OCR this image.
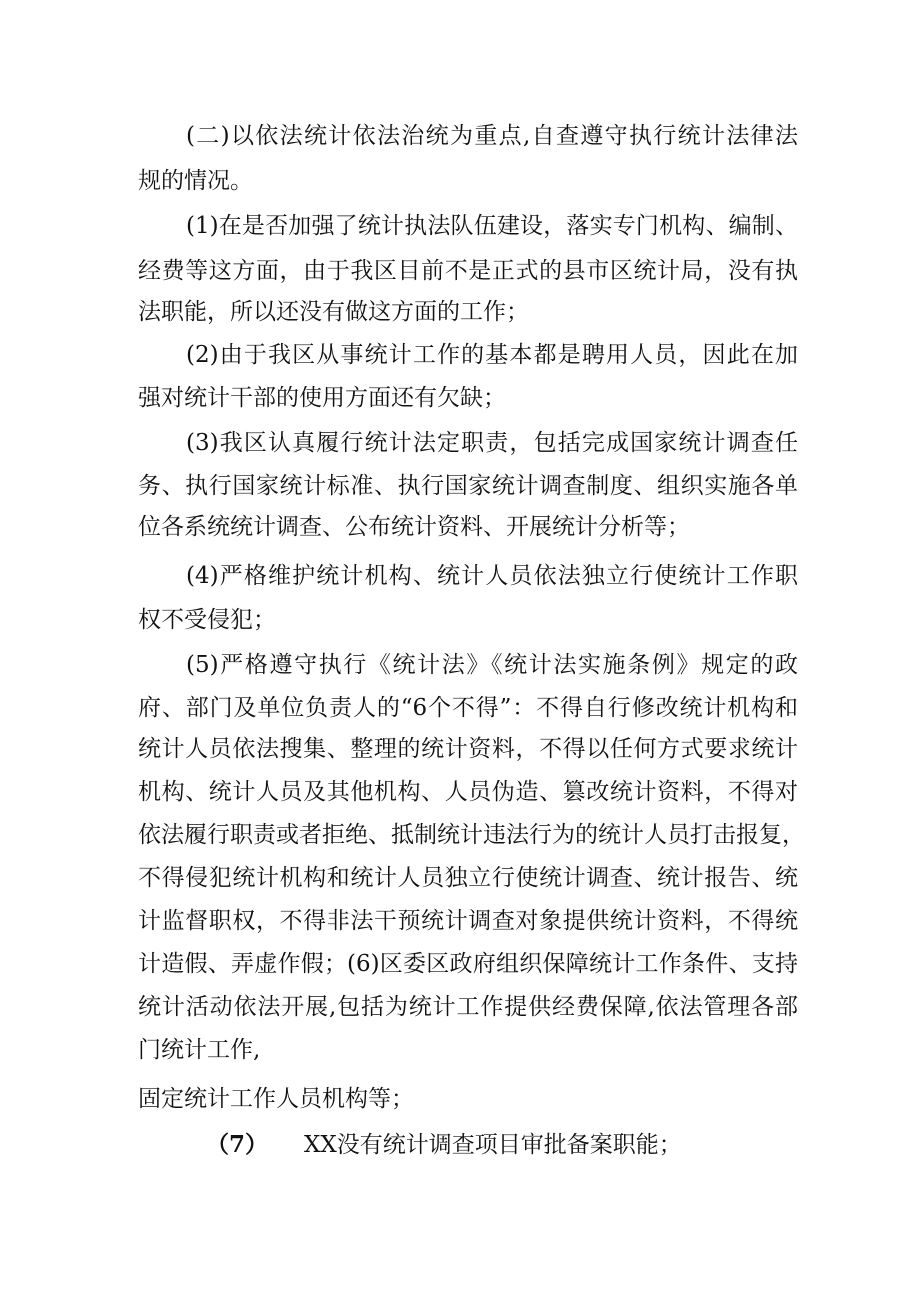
(二)以依法统计依法治统为重点,自查遵守执行统计法律法
规的情况。
(1)在是否加强了统计执法队伍建设，落实专门机构、编制、
经费等这方面，由于我区目前不是正式的县市区统计局，没有执
法职能，所以还没有做这方面的工作；
(2)由于我区从事统计工作的基本都是聘用人员，因此在加
强对统计干部的使用方面还有欠缺；
(3)我区认真履行统计法定职责，包括完成国家统计调查任
务、执行国家统计标准、执行国家统计调查制度、组织实施各单
位各系统统计调查、公布统计资料、开展统计分析等；
(4)严格维护统计机构、统计人员依法独立行使统计工作职
权不受侵犯；
(5)严格遵守执行《统计法》《统计法实施条例》规定的政
府、部门及单位负责人的“6个不得”：不得自行修改统计机构和
统计人员依法搜集、整理的统计资料，不得以任何方式要求统计
机构、统计人员及其他机构、人员伪造、篡改统计资料，不得对
依法履行职责或者拒绝、抵制统计违法行为的统计人员打击报复，
不得侵犯统计机构和统计人员独立行使统计调查、统计报告、统
计监督职权，不得非法干预统计调查对象提供统计资料，不得统
计造假、弄虚作假；(6)区委区政府组织保障统计工作条件、支持
统计活动依法开展,包括为统计工作提供经费保障,依法管理各部
门统计工作,
固定统计工作人员机构等；
（7） XX没有统计调查项目审批备案职能；
